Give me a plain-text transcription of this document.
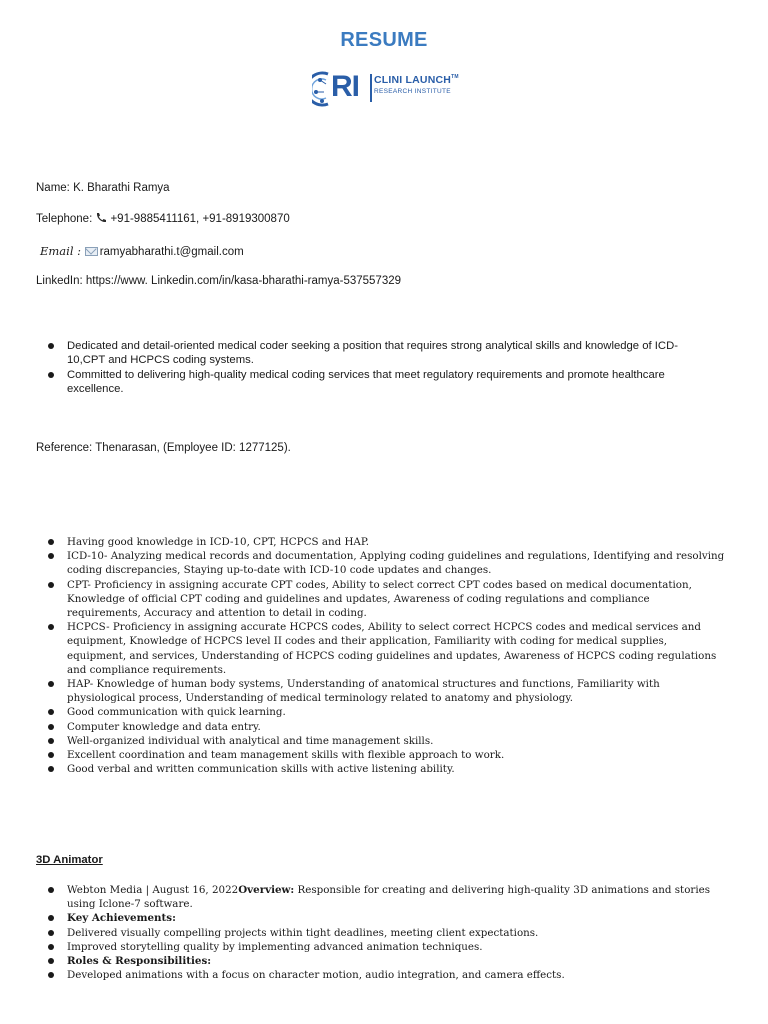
RESUME
RI CLINI LAUNCH™
RESEARCH INSTITUTE
Name: K. Bharathi Ramya
Telephone: +91-9885411161, +91-8919300870
Email : ramyabharathi.t@gmail.com
LinkedIn: https://www. Linkedin.com/in/kasa-bharathi-ramya-537557329
Dedicated and detail-oriented medical coder seeking a position that requires strong analytical skills and knowledge of ICD-10,CPT and HCPCS coding systems.
Committed to delivering high-quality medical coding services that meet regulatory requirements and promote healthcare excellence.
Reference: Thenarasan, (Employee ID: 1277125).
Having good knowledge in ICD-10, CPT, HCPCS and HAP.
ICD-10- Analyzing medical records and documentation, Applying coding guidelines and regulations, Identifying and resolving coding discrepancies, Staying up-to-date with ICD-10 code updates and changes.
CPT- Proficiency in assigning accurate CPT codes, Ability to select correct CPT codes based on medical documentation, Knowledge of official CPT coding and guidelines and updates, Awareness of coding regulations and compliance requirements, Accuracy and attention to detail in coding.
HCPCS- Proficiency in assigning accurate HCPCS codes, Ability to select correct HCPCS codes and medical services and equipment, Knowledge of HCPCS level II codes and their application, Familiarity with coding for medical supplies, equipment, and services, Understanding of HCPCS coding guidelines and updates, Awareness of HCPCS coding regulations and compliance requirements.
HAP- Knowledge of human body systems, Understanding of anatomical structures and functions, Familiarity with physiological process, Understanding of medical terminology related to anatomy and physiology.
Good communication with quick learning.
Computer knowledge and data entry.
Well-organized individual with analytical and time management skills.
Excellent coordination and team management skills with flexible approach to work.
Good verbal and written communication skills with active listening ability.
3D Animator
Webton Media | August 16, 2022Overview: Responsible for creating and delivering high-quality 3D animations and stories using Iclone-7 software.
Key Achievements:
Delivered visually compelling projects within tight deadlines, meeting client expectations.
Improved storytelling quality by implementing advanced animation techniques.
Roles & Responsibilities:
Developed animations with a focus on character motion, audio integration, and camera effects.
